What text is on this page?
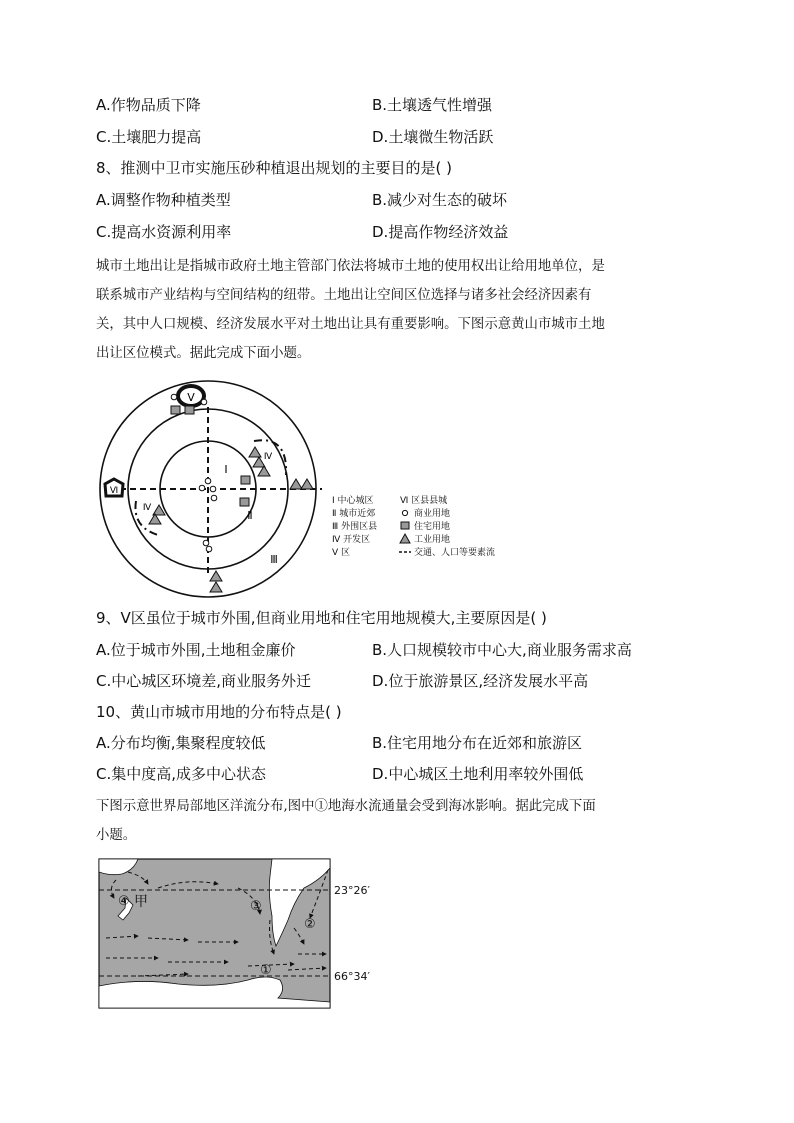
A.作物品质下降	B.土壤透气性增强
C.土壤肥力提高	D.土壤微生物活跃
8、推测中卫市实施压砂种植退出规划的主要目的是( )
A.调整作物种植类型	B.减少对生态的破坏
C.提高水资源利用率	D.提高作物经济效益
城市土地出让是指城市政府土地主管部门依法将城市土地的使用权出让给用地单位，是
联系城市产业结构与空间结构的纽带。土地出让空间区位选择与诸多社会经济因素有
关，其中人口规模、经济发展水平对土地出让具有重要影响。下图示意黄山市城市土地
出让区位模式。据此完成下面小题。
Ⅴ
Ⅵ
Ⅰ
Ⅱ
Ⅲ
Ⅳ
Ⅳ
Ⅰ 中心城区
Ⅱ 城市近郊
Ⅲ 外围区县
Ⅳ 开发区
Ⅴ 区
Ⅵ 区县县城
商业用地
住宅用地
工业用地
交通、人口等要素流
9、Ⅴ区虽位于城市外围,但商业用地和住宅用地规模大,主要原因是( )
A.位于城市外围,土地租金廉价	B.人口规模较市中心大,商业服务需求高
C.中心城区环境差,商业服务外迁	D.位于旅游景区,经济发展水平高
10、黄山市城市用地的分布特点是( )
A.分布均衡,集聚程度较低	B.住宅用地分布在近郊和旅游区
C.集中度高,成多中心状态	D.中心城区土地利用率较外围低
下图示意世界局部地区洋流分布,图中①地海水流通量会受到海冰影响。据此完成下面
小题。
④ 甲	③
②
①
23°26′
66°34′
